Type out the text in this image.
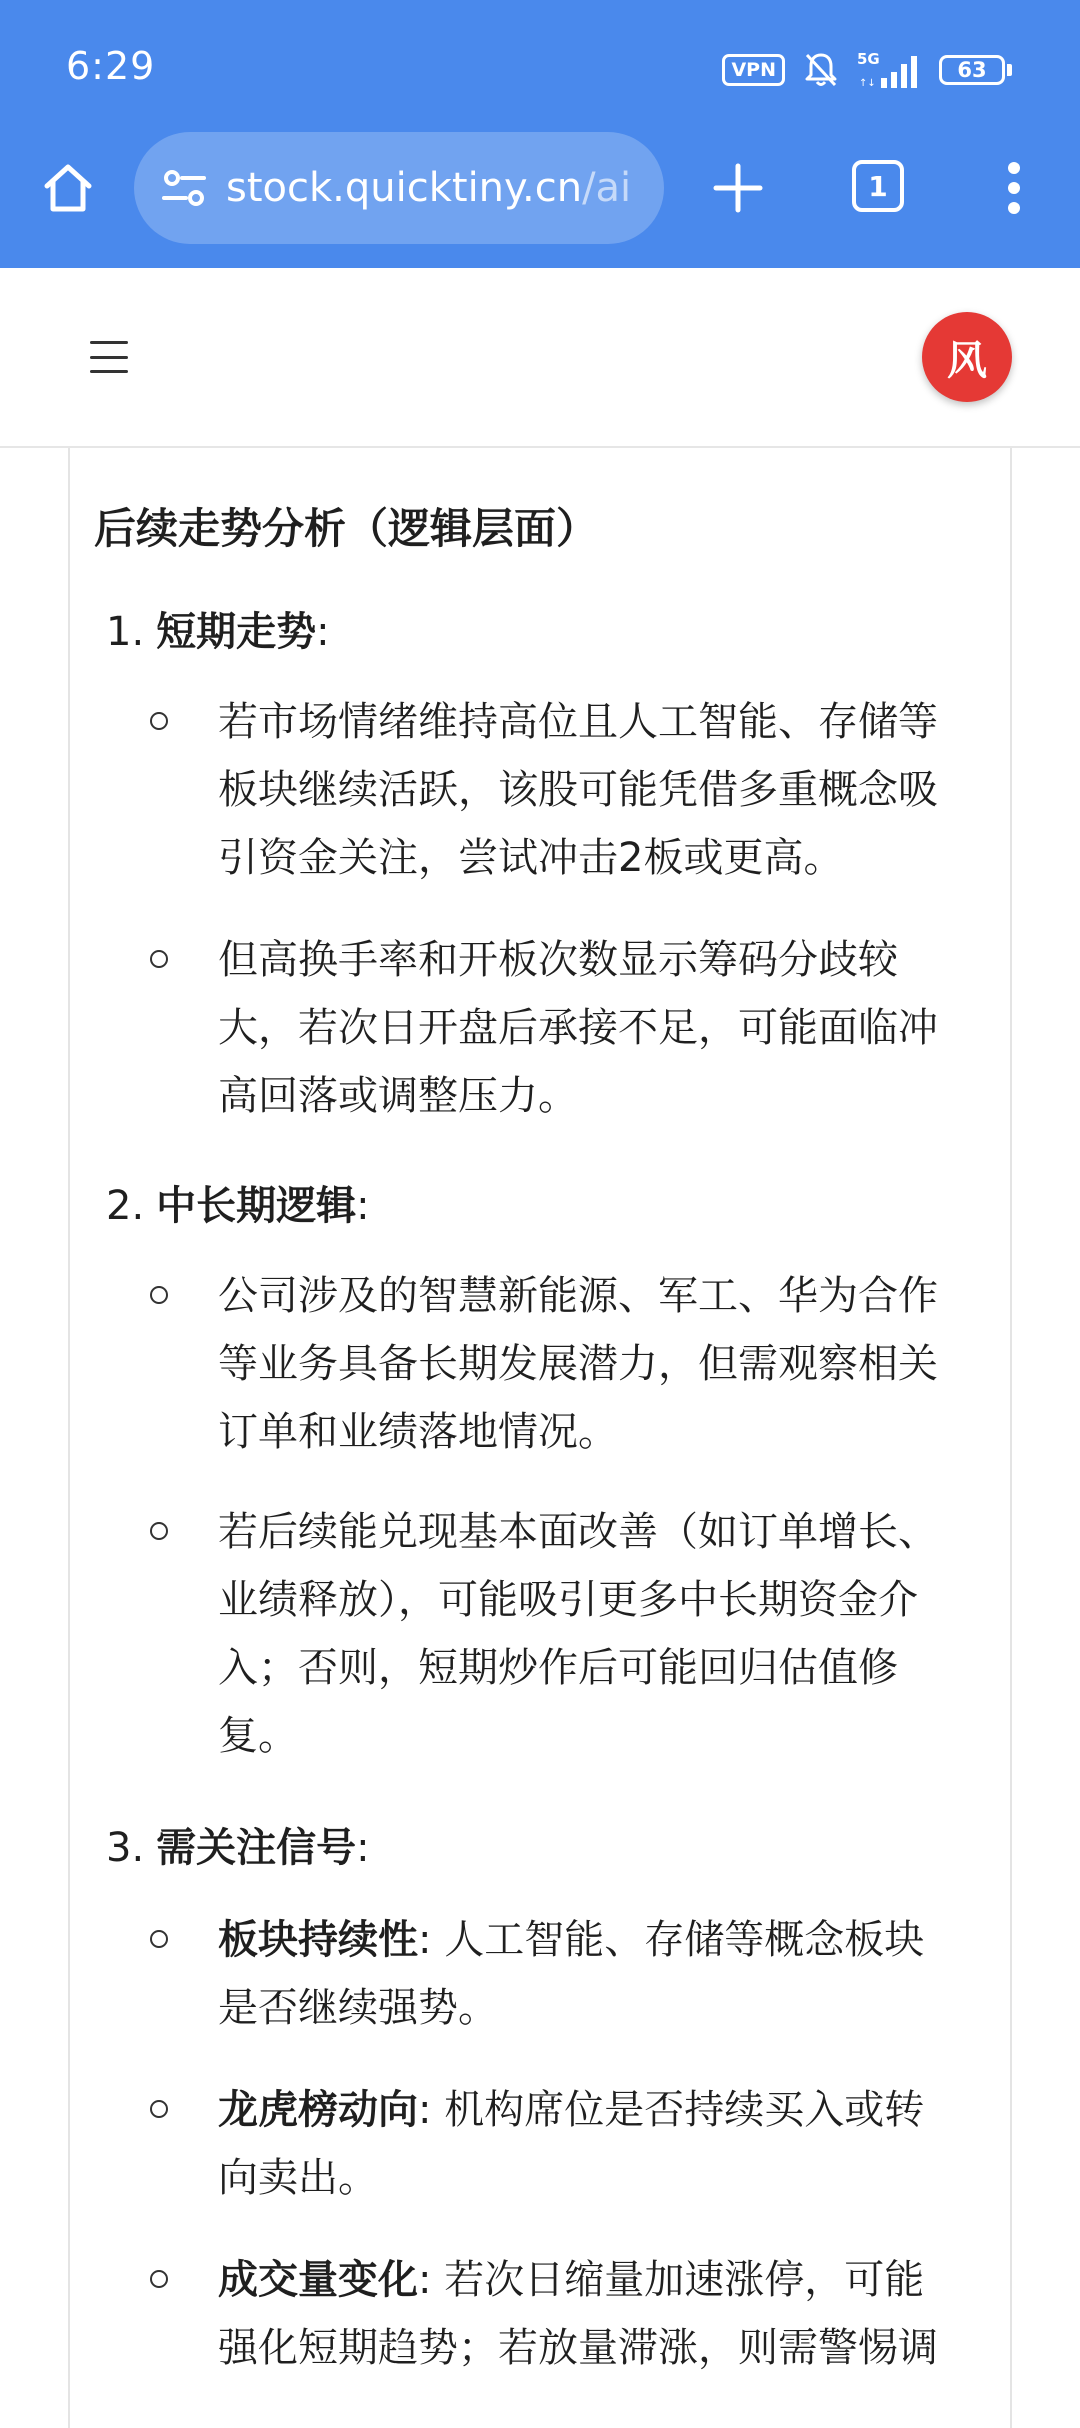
6:29	VPN	5G
↑↓
63
stock.quicktiny.cn /ai	1
风
后续走势分析（逻辑层面）
1. 短期走势:
若市场情绪维持高位且人工智能、存储等
板块继续活跃，该股可能凭借多重概念吸
引资金关注，尝试冲击2板或更高。
但高换手率和开板次数显示筹码分歧较
大，若次日开盘后承接不足，可能面临冲
高回落或调整压力。
2. 中长期逻辑:
公司涉及的智慧新能源、军工、华为合作
等业务具备长期发展潜力，但需观察相关
订单和业绩落地情况。
若后续能兑现基本面改善（如订单增长、
业绩释放），可能吸引更多中长期资金介
入；否则，短期炒作后可能回归估值修
复。
3. 需关注信号:
板块持续性: 人工智能、存储等概念板块
是否继续强势。
龙虎榜动向: 机构席位是否持续买入或转
向卖出。
成交量变化: 若次日缩量加速涨停，可能
强化短期趋势；若放量滞涨，则需警惕调
